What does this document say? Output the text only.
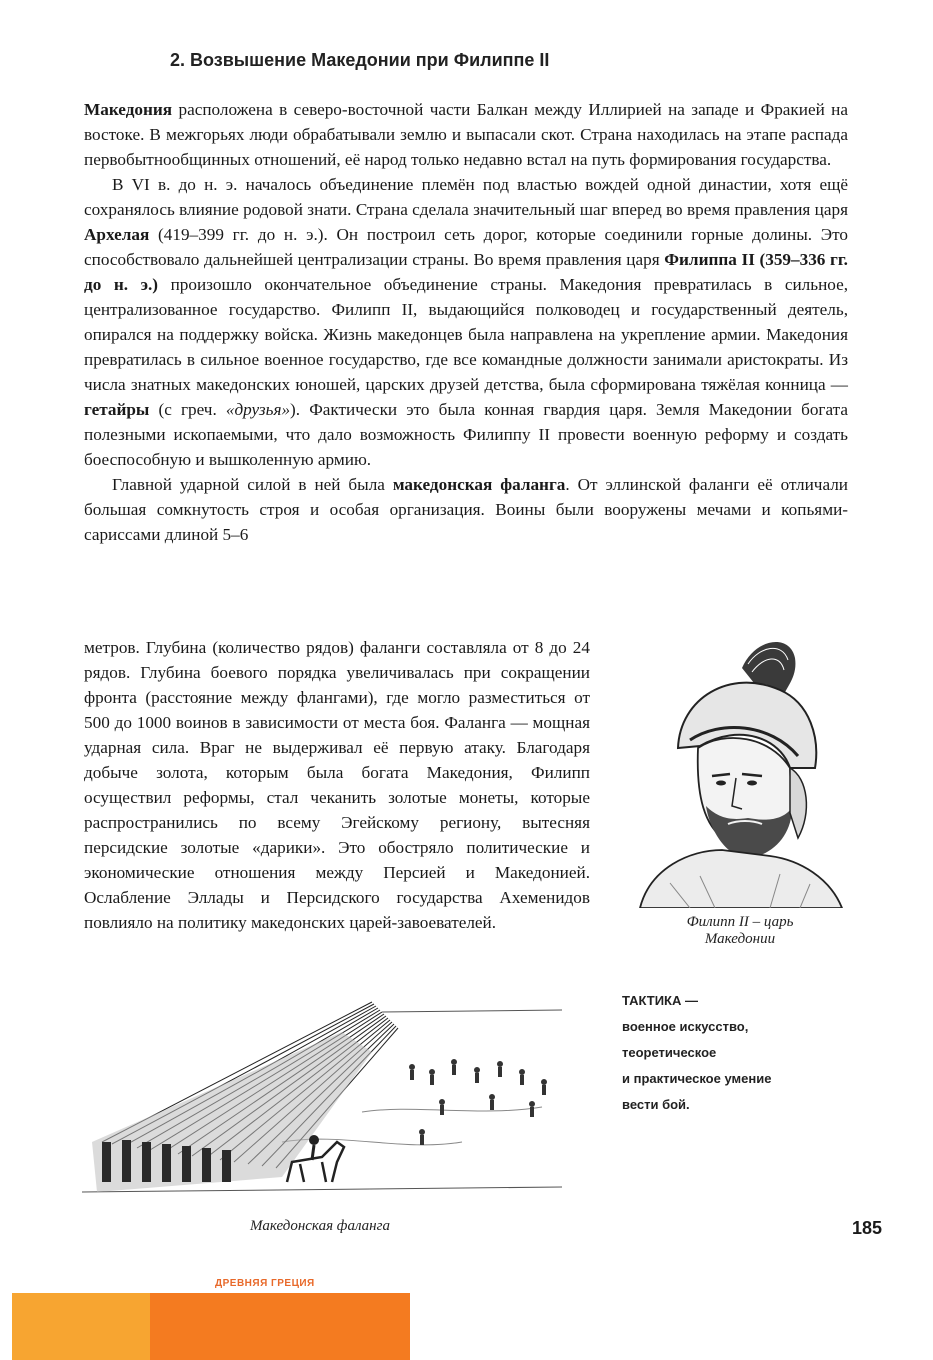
2. Возвышение Македонии при Филиппе II

Македония расположена в северо-восточной части Балкан между Иллирией на западе и Фракией на востоке. В межгорьях люди обрабатывали землю и выпасали скот. Страна находилась на этапе распада первобытнообщинных отношений, её народ только недавно встал на путь формирования государства.

В VI в. до н. э. началось объединение племён под властью вождей одной династии, хотя ещё сохранялось влияние родовой знати. Страна сделала значительный шаг вперед во время правления царя Архелая (419–399 гг. до н. э.). Он построил сеть дорог, которые соединили горные долины. Это способствовало дальнейшей централизации страны. Во время правления царя Филиппа II (359–336 гг. до н. э.) произошло окончательное объединение страны. Македония превратилась в сильное, централизованное государство. Филипп II, выдающийся полководец и государственный деятель, опирался на поддержку войска. Жизнь македонцев была направлена на укрепление армии. Македония превратилась в сильное военное государство, где все командные должности занимали аристократы. Из числа знатных македонских юношей, царских друзей детства, была сформирована тяжёлая конница — гетайры (с греч. «друзья»). Фактически это была конная гвардия царя. Земля Македонии богата полезными ископаемыми, что дало возможность Филиппу II провести военную реформу и создать боеспособную и вышколенную армию.

Главной ударной силой в ней была македонская фаланга. От эллинской фаланги её отличали большая сомкнутость строя и особая организация. Воины были вооружены мечами и копьями-сариссами длиной 5–6

метров. Глубина (количество рядов) фаланги составляла от 8 до 24 рядов. Глубина боевого порядка увеличивалась при сокращении фронта (расстояние между флангами), где могло разместиться от 500 до 1000 воинов в зависимости от места боя. Фаланга — мощная ударная сила. Враг не выдерживал её первую атаку. Благодаря добыче золота, которым была богата Македония, Филипп осуществил реформы, стал чеканить золотые монеты, которые распространились по всему Эгейскому региону, вытесняя персидские золотые «дарики». Это обостряло политические и экономические отношения между Персией и Македонией. Ослабление Эллады и Персидского государства Ахеменидов повлияло на политику македонских царей-завоевателей.	Филипп II – царь
Македонии
ТАКТИКА —
военное искусство,
теоретическое
и практическое умение
вести бой.
Македонская фаланга	185
ДРЕВНЯЯ ГРЕЦИЯ
